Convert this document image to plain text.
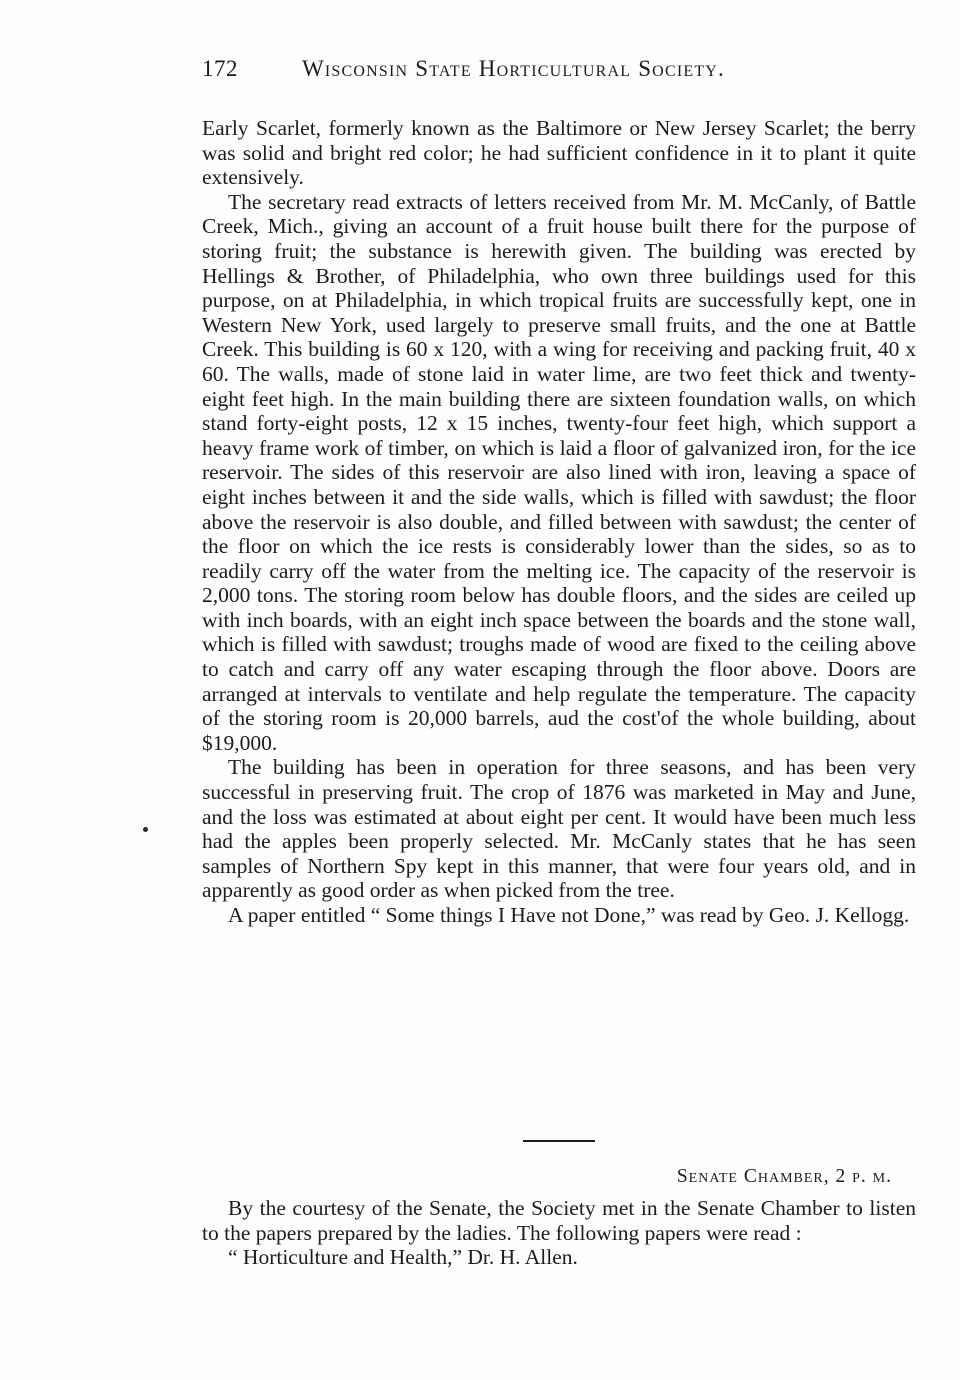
172	Wisconsin State Horticultural Society.

Early Scarlet, formerly known as the Baltimore or New Jersey Scarlet; the berry was solid and bright red color; he had sufficient confidence in it to plant it quite extensively.

The secretary read extracts of letters received from Mr. M. McCanly, of Battle Creek, Mich., giving an account of a fruit house built there for the purpose of storing fruit; the substance is herewith given. The building was erected by Hellings & Brother, of Philadelphia, who own three buildings used for this purpose, on at Philadelphia, in which tropical fruits are successfully kept, one in Western New York, used largely to preserve small fruits, and the one at Battle Creek. This building is 60 x 120, with a wing for receiving and packing fruit, 40 x 60. The walls, made of stone laid in water lime, are two feet thick and twenty-eight feet high. In the main building there are sixteen foundation walls, on which stand forty-eight posts, 12 x 15 inches, twenty-four feet high, which support a heavy frame work of timber, on which is laid a floor of galvanized iron, for the ice reservoir. The sides of this reservoir are also lined with iron, leaving a space of eight inches between it and the side walls, which is filled with sawdust; the floor above the reservoir is also double, and filled between with sawdust; the center of the floor on which the ice rests is considerably lower than the sides, so as to readily carry off the water from the melting ice. The capacity of the reservoir is 2,000 tons. The storing room below has double floors, and the sides are ceiled up with inch boards, with an eight inch space between the boards and the stone wall, which is filled with sawdust; troughs made of wood are fixed to the ceiling above to catch and carry off any water escaping through the floor above. Doors are arranged at intervals to ventilate and help regulate the temperature. The capacity of the storing room is 20,000 barrels, aud the cost'of the whole building, about $19,000.

The building has been in operation for three seasons, and has been very successful in preserving fruit. The crop of 1876 was marketed in May and June, and the loss was estimated at about eight per cent. It would have been much less had the apples been properly selected. Mr. McCanly states that he has seen samples of Northern Spy kept in this manner, that were four years old, and in apparently as good order as when picked from the tree.

A paper entitled “ Some things I Have not Done,” was read by Geo. J. Kellogg.

Senate Chamber, 2 p. m.

By the courtesy of the Senate, the Society met in the Senate Chamber to listen to the papers prepared by the ladies. The following papers were read :

“ Horticulture and Health,” Dr. H. Allen.
